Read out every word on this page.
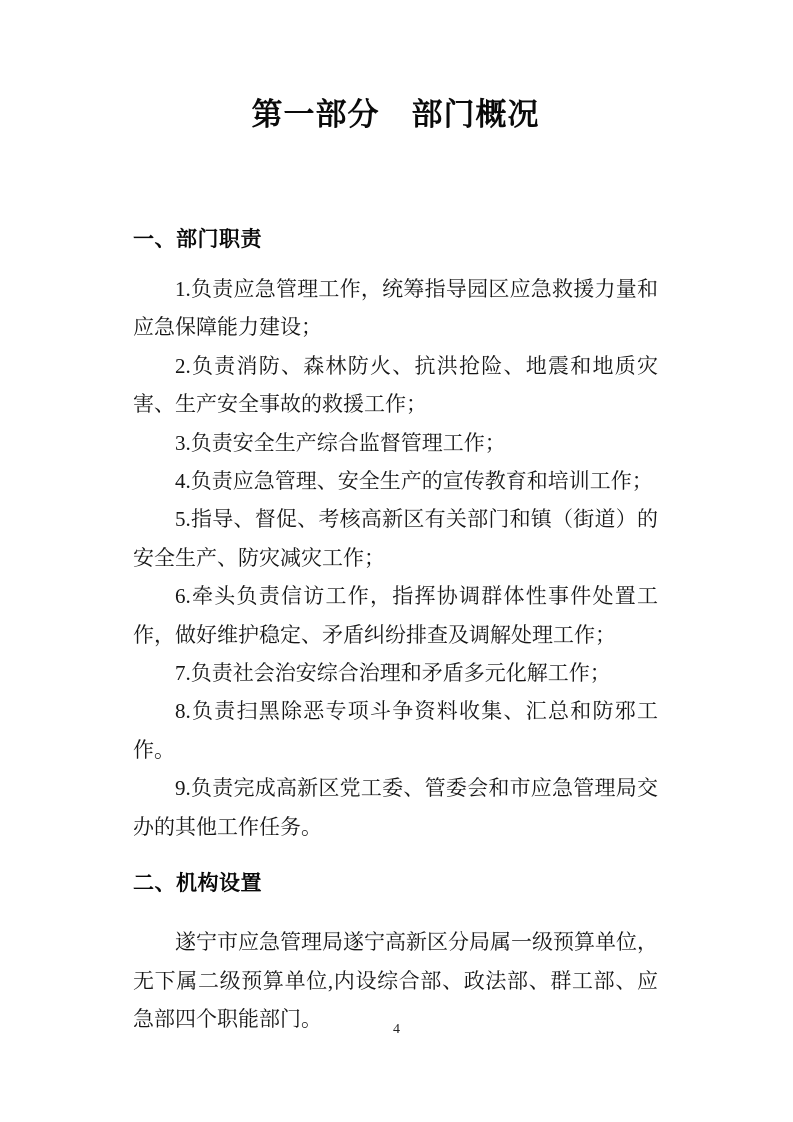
第一部分　部门概况
一、部门职责

1.负责应急管理工作，统筹指导园区应急救援力量和应急保障能力建设；

2.负责消防、森林防火、抗洪抢险、地震和地质灾害、生产安全事故的救援工作；

3.负责安全生产综合监督管理工作；

4.负责应急管理、安全生产的宣传教育和培训工作；

5.指导、督促、考核高新区有关部门和镇（街道）的安全生产、防灾减灾工作；

6.牵头负责信访工作，指挥协调群体性事件处置工作，做好维护稳定、矛盾纠纷排查及调解处理工作；

7.负责社会治安综合治理和矛盾多元化解工作；

8.负责扫黑除恶专项斗争资料收集、汇总和防邪工作。

9.负责完成高新区党工委、管委会和市应急管理局交办的其他工作任务。

二、机构设置

遂宁市应急管理局遂宁高新区分局属一级预算单位，无下属二级预算单位,内设综合部、政法部、群工部、应急部四个职能部门。	4
